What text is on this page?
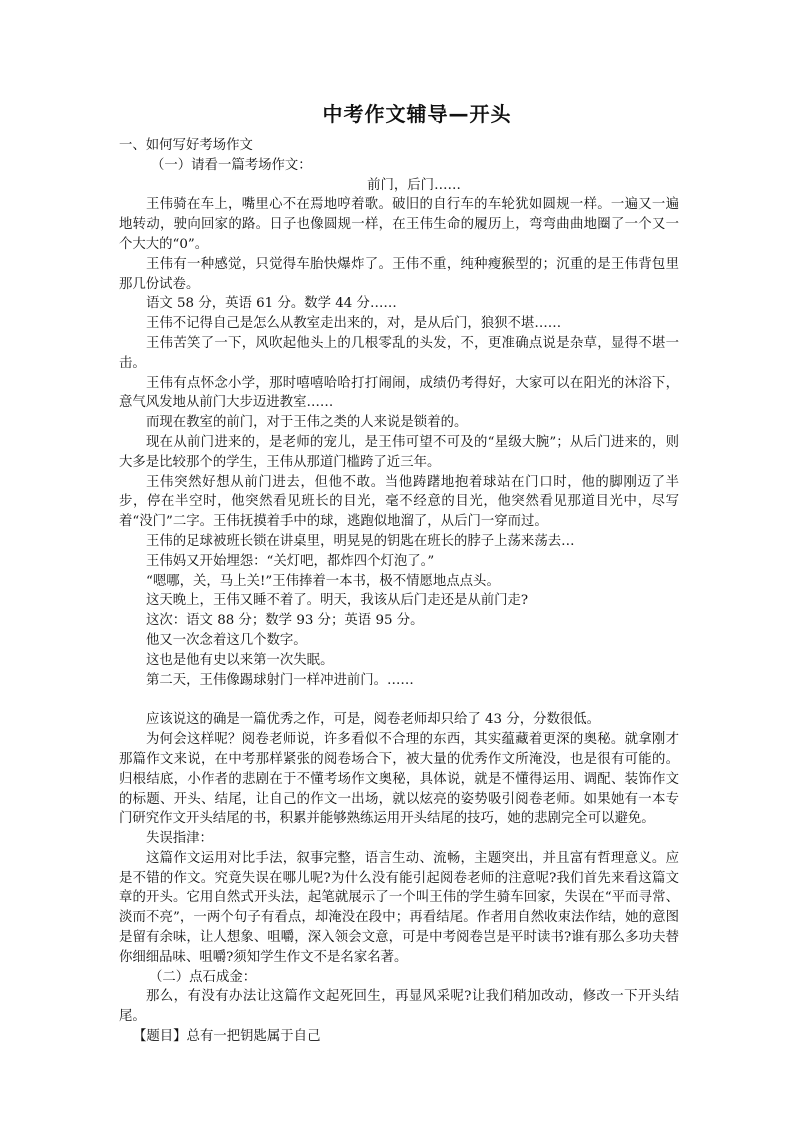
中考作文辅导—开头
一、如何写好考场作文
（一）请看一篇考场作文：
前门，后门……
王伟骑在车上，嘴里心不在焉地哼着歌。破旧的自行车的车轮犹如圆规一样。一遍又一遍地转动，驶向回家的路。日子也像圆规一样，在王伟生命的履历上，弯弯曲曲地圈了一个又一个大大的“0”。
王伟有一种感觉，只觉得车胎快爆炸了。王伟不重，纯种瘦猴型的；沉重的是王伟背包里那几份试卷。
语文 58 分，英语 61 分。数学 44 分……
王伟不记得自己是怎么从教室走出来的，对，是从后门，狼狈不堪……
王伟苦笑了一下，风吹起他头上的几根零乱的头发，不，更准确点说是杂草，显得不堪一击。
王伟有点怀念小学，那时嘻嘻哈哈打打闹闹，成绩仍考得好，大家可以在阳光的沐浴下，意气风发地从前门大步迈进教室……
而现在教室的前门，对于王伟之类的人来说是锁着的。
现在从前门进来的，是老师的宠儿，是王伟可望不可及的“星级大腕”；从后门进来的，则大多是比较那个的学生，王伟从那道门槛跨了近三年。
王伟突然好想从前门进去，但他不敢。当他踌躇地抱着球站在门口时，他的脚刚迈了半步，停在半空时，他突然看见班长的目光，毫不经意的目光，他突然看见那道目光中，尽写着“没门”二字。王伟抚摸着手中的球，逃跑似地溜了，从后门一穿而过。
王伟的足球被班长锁在讲桌里，明晃晃的钥匙在班长的脖子上荡来荡去…
王伟妈又开始埋怨：“关灯吧，都炸四个灯泡了。”
“嗯哪，关，马上关!”王伟捧着一本书，极不情愿地点点头。
这天晚上，王伟又睡不着了。明天，我该从后门走还是从前门走?
这次：语文 88 分；数学 93 分；英语 95 分。
他又一次念着这几个数字。
这也是他有史以来第一次失眠。
第二天，王伟像踢球射门一样冲进前门。……
应该说这的确是一篇优秀之作，可是，阅卷老师却只给了 43 分，分数很低。
为何会这样呢？阅卷老师说，许多看似不合理的东西，其实蕴藏着更深的奥秘。就拿刚才那篇作文来说，在中考那样紧张的阅卷场合下，被大量的优秀作文所淹没，也是很有可能的。归根结底，小作者的悲剧在于不懂考场作文奥秘，具体说，就是不懂得运用、调配、装饰作文的标题、开头、结尾，让自己的作文一出场，就以炫亮的姿势吸引阅卷老师。如果她有一本专门研究作文开头结尾的书，积累并能够熟练运用开头结尾的技巧，她的悲剧完全可以避免。
失误指津：
这篇作文运用对比手法，叙事完整，语言生动、流畅，主题突出，并且富有哲理意义。应是不错的作文。究竟失误在哪儿呢?为什么没有能引起阅卷老师的注意呢?我们首先来看这篇文章的开头。它用自然式开头法，起笔就展示了一个叫王伟的学生骑车回家，失误在“平而寻常、淡而不亮”，一两个句子有看点，却淹没在段中；再看结尾。作者用自然收束法作结，她的意图是留有余味，让人想象、咀嚼，深入领会文意，可是中考阅卷岂是平时读书?谁有那么多功夫替你细细品味、咀嚼?须知学生作文不是名家名著。
（二）点石成金：
那么，有没有办法让这篇作文起死回生，再显风采呢?让我们稍加改动，修改一下开头结尾。
【题目】总有一把钥匙属于自己
